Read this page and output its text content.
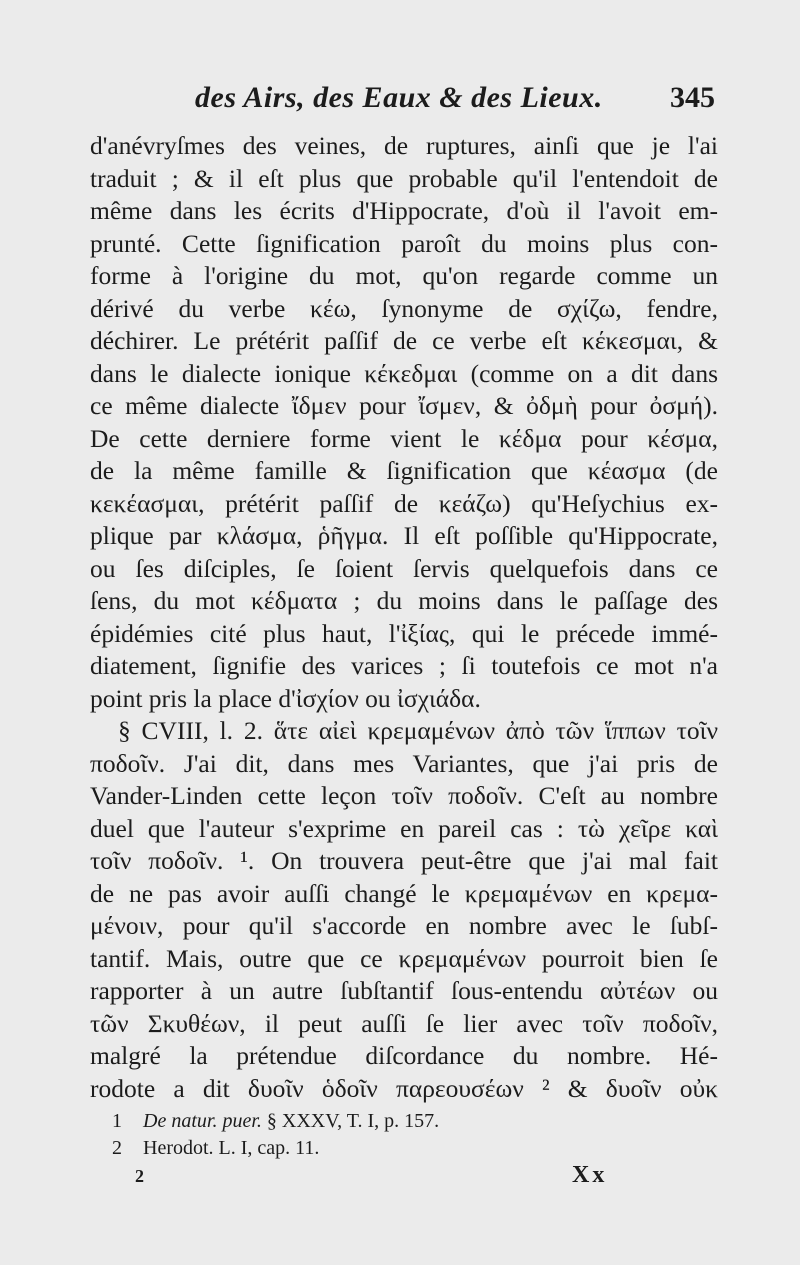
des Airs, des Eaux & des Lieux. 345
d'anévryſmes des veines, de ruptures, ainſi que je l'ai
traduit ; & il eſt plus que probable qu'il l'entendoit de
même dans les écrits d'Hippocrate, d'où il l'avoit em-
prunté. Cette ſignification paroît du moins plus con-
forme à l'origine du mot, qu'on regarde comme un
dérivé du verbe κέω, ſynonyme de σχίζω, fendre,
déchirer. Le prétérit paſſif de ce verbe eſt κέκεσμαι, &
dans le dialecte ionique κέκεδμαι (comme on a dit dans
ce même dialecte ἴδμεν pour ἴσμεν, & ὀδμὴ pour ὀσμή).
De cette derniere forme vient le κέδμα pour κέσμα,
de la même famille & ſignification que κέασμα (de
κεκέασμαι, prétérit paſſif de κεάζω) qu'Heſychius ex-
plique par κλάσμα, ῥῆγμα. Il eſt poſſible qu'Hippocrate,
ou ſes diſciples, ſe ſoient ſervis quelquefois dans ce
ſens, du mot κέδματα ; du moins dans le paſſage des
épidémies cité plus haut, l'ἰξίας, qui le précede immé-
diatement, ſignifie des varices ; ſi toutefois ce mot n'a
point pris la place d'ἰσχίον ou ἰσχιάδα.
§ CVIII, l. 2. ἅτε αἰεὶ κρεμαμένων ἀπὸ τῶν ἵππων τοῖν
ποδοῖν. J'ai dit, dans mes Variantes, que j'ai pris de
Vander-Linden cette leçon τοῖν ποδοῖν. C'eſt au nombre
duel que l'auteur s'exprime en pareil cas : τὼ χεῖρε καὶ
τοῖν ποδοῖν. ¹. On trouvera peut-être que j'ai mal fait
de ne pas avoir auſſi changé le κρεμαμένων en κρεμα-
μένοιν, pour qu'il s'accorde en nombre avec le ſubſ-
tantif. Mais, outre que ce κρεμαμένων pourroit bien ſe
rapporter à un autre ſubſtantif ſous-entendu αὐτέων ou
τῶν Σκυθέων, il peut auſſi ſe lier avec τοῖν ποδοῖν,
malgré la prétendue diſcordance du nombre. Hé-
rodote a dit δυοῖν ὁδοῖν παρεουσέων ² & δυοῖν οὐκ
1 De natur. puer. § XXXV, T. I, p. 157.
2 Herodot. L. I, cap. 11.
2	Xx
